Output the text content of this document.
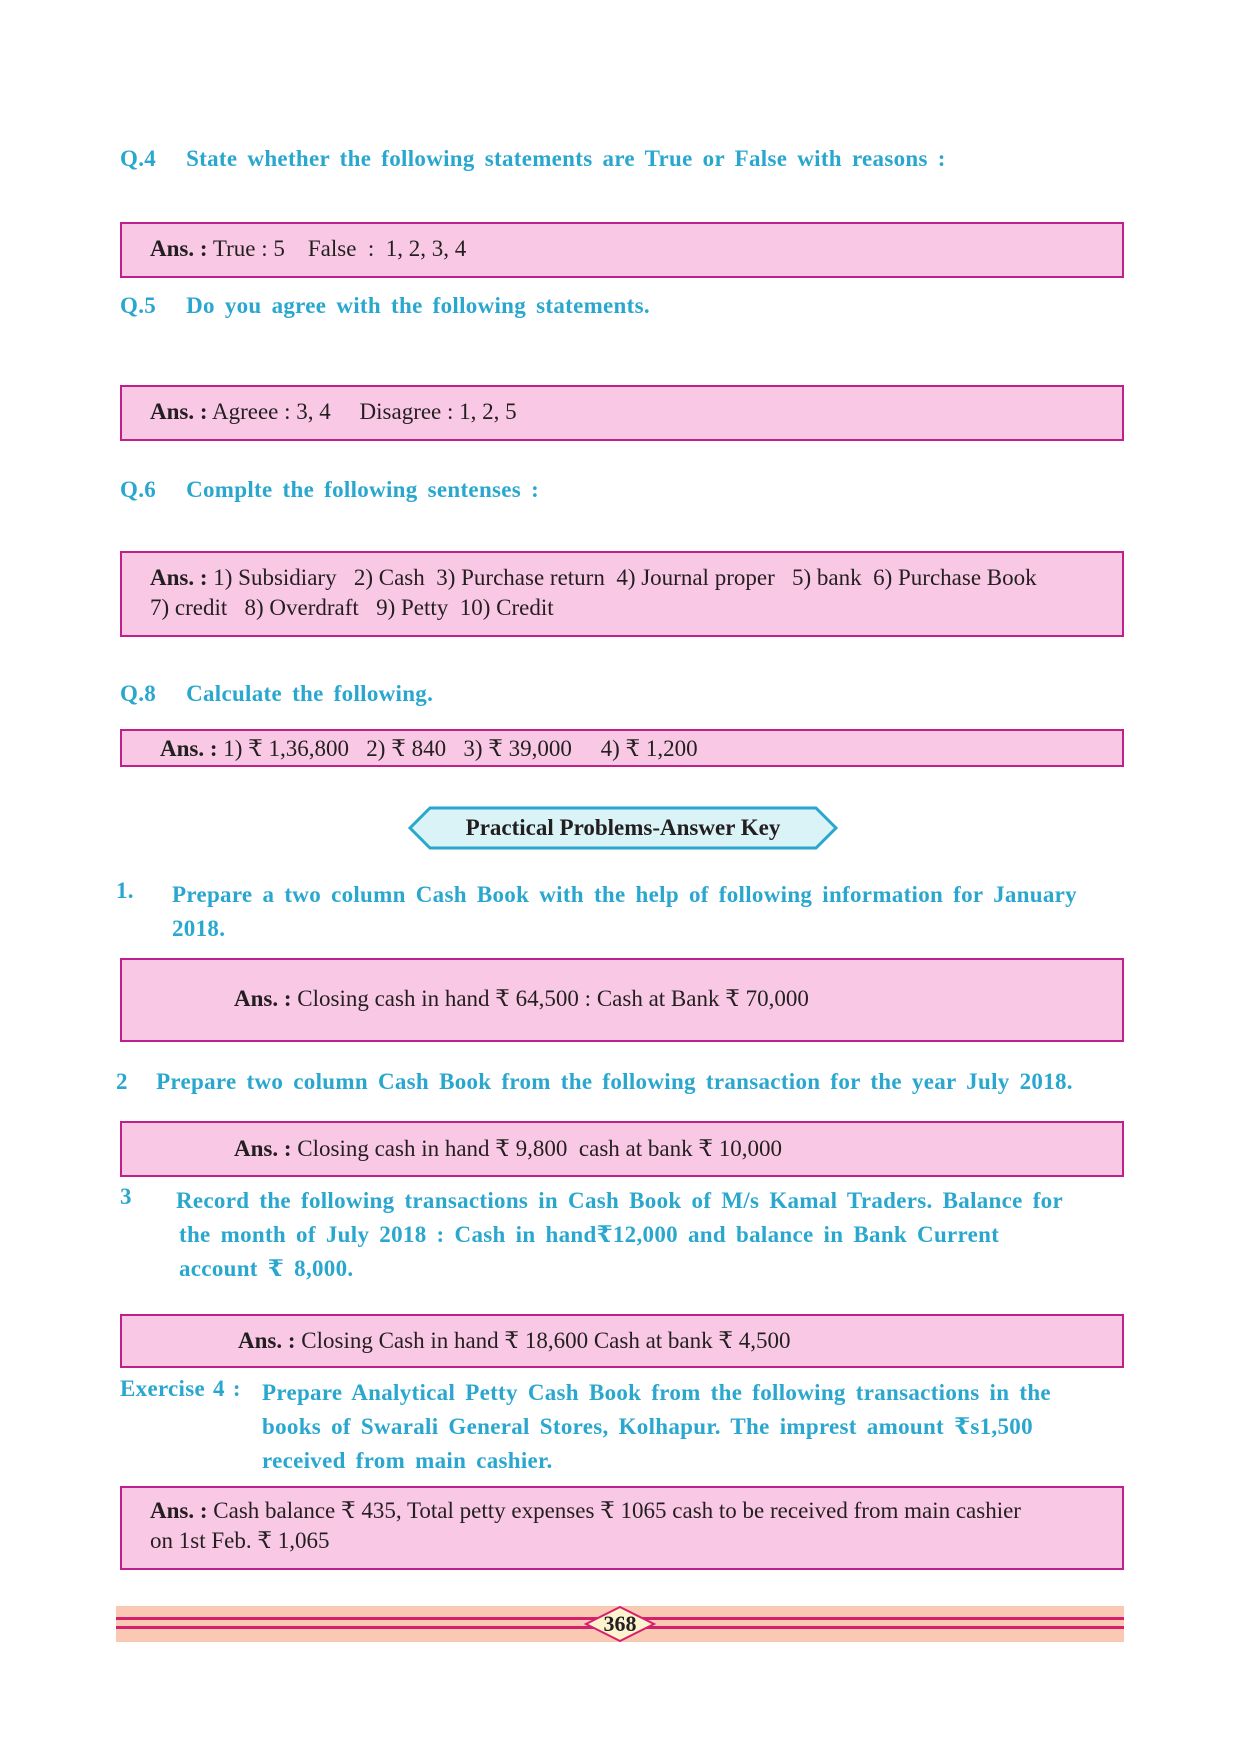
Q.4 State whether the following statements are True or False with reasons :
Ans. : True : 5    False  :  1, 2, 3, 4
Q.5 Do you agree with the following statements.
Ans. : Agreee : 3, 4     Disagree : 1, 2, 5
Q.6 Complte the following sentenses :
Ans. : 1) Subsidiary   2) Cash  3) Purchase return  4) Journal proper   5) bank  6) Purchase Book
7) credit   8) Overdraft   9) Petty  10) Credit
Q.8 Calculate the following.
Ans. : 1) ₹ 1,36,800   2) ₹ 840   3) ₹ 39,000     4) ₹ 1,200
Practical Problems-Answer Key
1. Prepare a two column Cash Book with the help of following information for January
2018.
Ans. : Closing cash in hand ₹ 64,500 : Cash at Bank ₹ 70,000
2 Prepare two column Cash Book from the following transaction for the year July 2018.
Ans. : Closing cash in hand ₹ 9,800  cash at bank ₹ 10,000
3 Record the following transactions in Cash Book of M/s Kamal Traders. Balance for
the month of July 2018 : Cash in hand₹12,000 and balance in Bank Current
account ₹ 8,000.
Ans. : Closing Cash in hand ₹ 18,600 Cash at bank ₹ 4,500
Exercise 4 : Prepare Analytical Petty Cash Book from the following transactions in the
books of Swarali General Stores, Kolhapur. The imprest amount ₹s1,500
received from main cashier.
Ans. : Cash balance ₹ 435, Total petty expenses ₹ 1065 cash to be received from main cashier
on 1st Feb. ₹ 1,065
368
